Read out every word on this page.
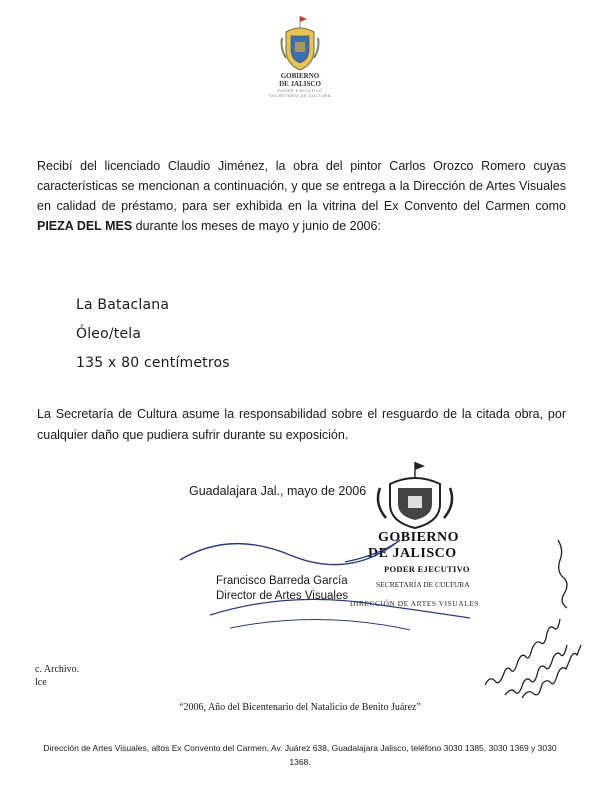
GOBIERNO
DE JALISCO
PODER EJECUTIVO
SECRETARÍA DE CULTURA
Recibí del licenciado Claudio Jiménez, la obra del pintor Carlos Orozco Romero cuyas características se mencionan a continuación, y que se entrega a la Dirección de Artes Visuales en calidad de préstamo, para ser exhibida en la vitrina del Ex Convento del Carmen como PIEZA DEL MES durante los meses de mayo y junio de 2006:
La Bataclana
Óleo/tela
135 x 80 centímetros
La Secretaría de Cultura asume la responsabilidad sobre el resguardo de la citada obra, por cualquier daño que pudiera sufrir durante su exposición.
Guadalajara Jal., mayo de 2006
Francisco Barreda García
Director de Artes Visuales
GOBIERNO
DE JALISCO
PODER EJECUTIVO
SECRETARÍA DE CULTURA
DIRECCIÓN DE ARTES VISUALES
c. Archivo.
lce
“2006, Año del Bicentenario del Natalicio de Benito Juárez”
Dirección de Artes Visuales, altos Ex Convento del Carmen, Av. Juárez 638, Guadalajara Jalisco, teléfono 3030 1385, 3030 1369 y 3030 1368.
